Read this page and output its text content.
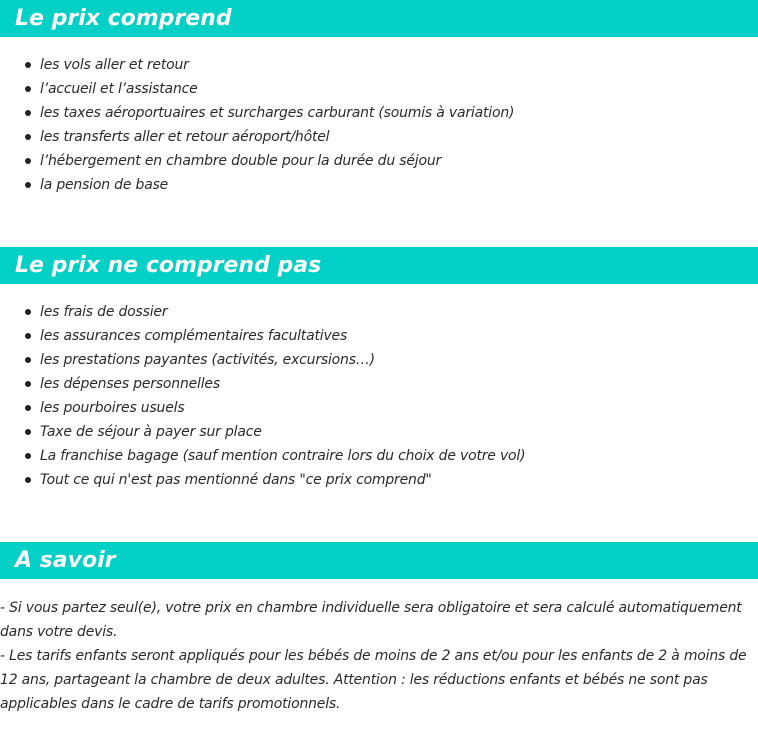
Le prix comprend
les vols aller et retour
l’accueil et l’assistance
les taxes aéroportuaires et surcharges carburant (soumis à variation)
les transferts aller et retour aéroport/hôtel
l’hébergement en chambre double pour la durée du séjour
la pension de base
Le prix ne comprend pas
les frais de dossier
les assurances complémentaires facultatives
les prestations payantes (activités, excursions…)
les dépenses personnelles
les pourboires usuels
Taxe de séjour à payer sur place
La franchise bagage (sauf mention contraire lors du choix de votre vol)
Tout ce qui n'est pas mentionné dans "ce prix comprend"
A savoir

- Si vous partez seul(e), votre prix en chambre individuelle sera obligatoire et sera calculé automatiquement dans votre devis.

- Les tarifs enfants seront appliqués pour les bébés de moins de 2 ans et/ou pour les enfants de 2 à moins de 12 ans, partageant la chambre de deux adultes. Attention : les réductions enfants et bébés ne sont pas applicables dans le cadre de tarifs promotionnels.
